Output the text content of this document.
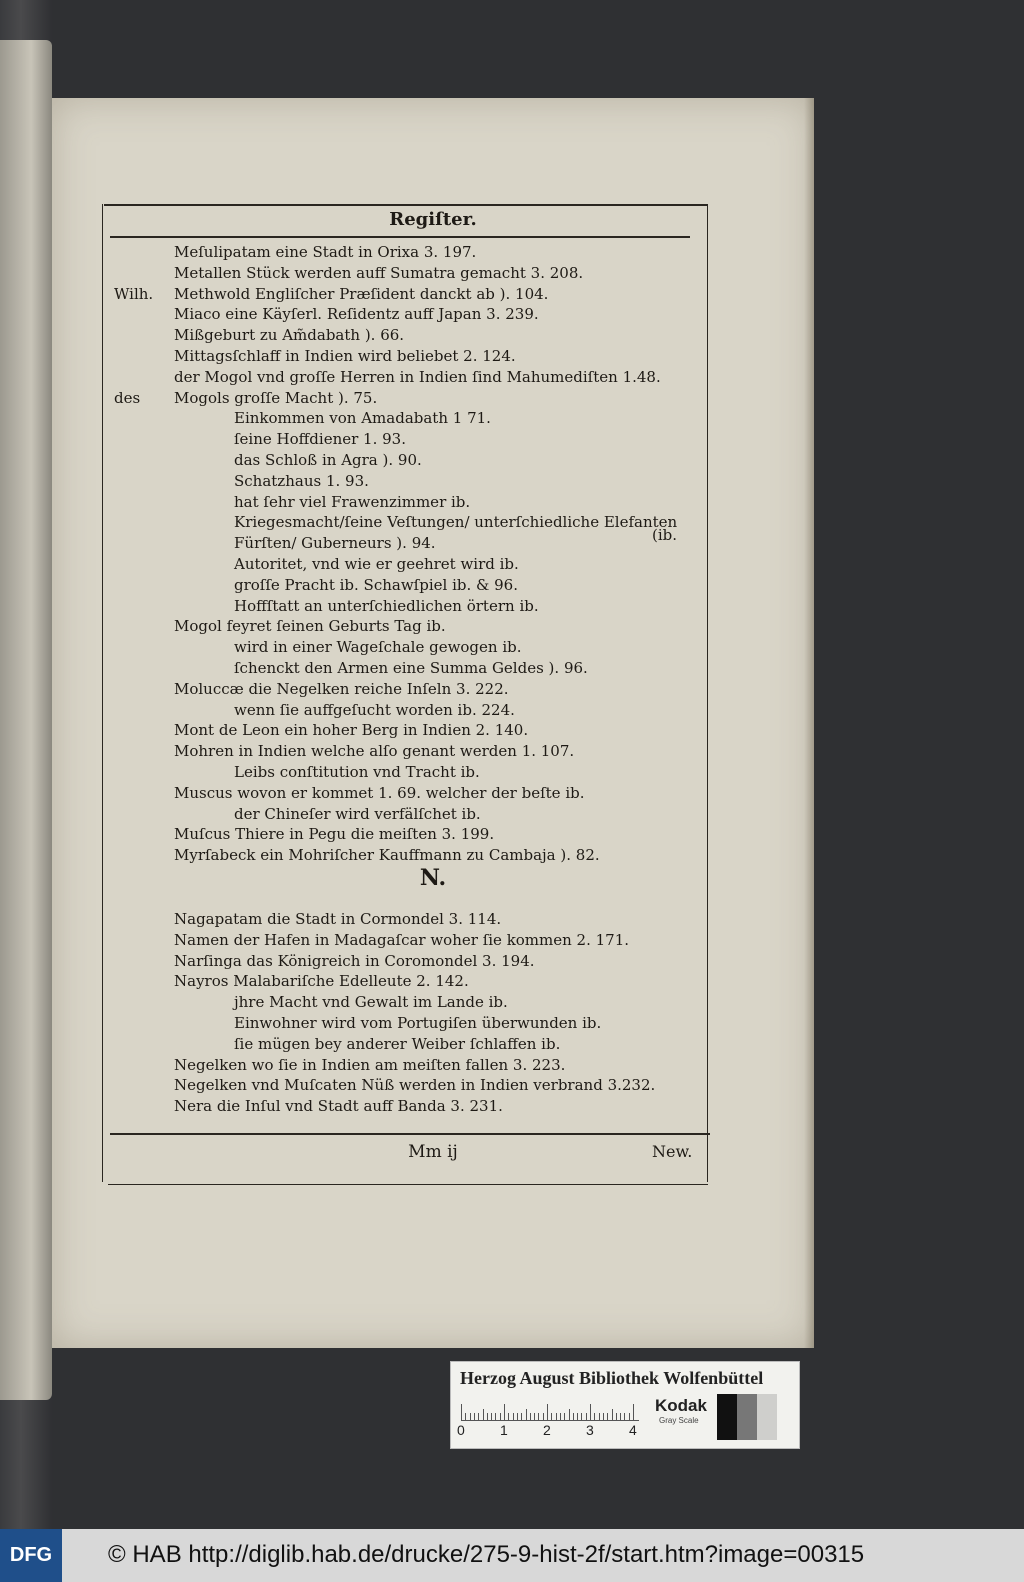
Regiſter.
Meſulipatam eine Stadt in Orixa 3. 197.
Metallen Stück werden auff Sumatra gemacht 3. 208.
Wilh.	Methwold Engliſcher Præſident danckt ab ). 104.
Miaco eine Käyſerl. Reſidentz auff Japan 3. 239.
Mißgeburt zu Am̃dabath ). 66.
Mittagsſchlaff in Indien wird beliebet 2. 124.
der Mogol vnd groſſe Herren in Indien ſind Mahumediſten 1.48.
des	Mogols groſſe Macht ). 75.
Einkommen von Amadabath 1 71.
ſeine Hoffdiener 1. 93.
das Schloß in Agra ). 90.
Schatzhaus 1. 93.
hat ſehr viel Frawenzimmer ib.
Kriegesmacht/ſeine Veſtungen/ unterſchiedliche Elefanten
Fürſten/ Guberneurs ). 94.	(ib.
Autoritet, vnd wie er geehret wird ib.
groſſe Pracht ib. Schawſpiel ib. & 96.
Hoffſtatt an unterſchiedlichen örtern ib.
Mogol feyret ſeinen Geburts Tag ib.
wird in einer Wageſchale gewogen ib.
ſchenckt den Armen eine Summa Geldes ). 96.
Moluccæ die Negelken reiche Inſeln 3. 222.
wenn ſie auffgeſucht worden ib. 224.
Mont de Leon ein hoher Berg in Indien 2. 140.
Mohren in Indien welche alſo genant werden 1. 107.
Leibs conſtitution vnd Tracht ib.
Muscus wovon er kommet 1. 69. welcher der beſte ib.
der Chineſer wird verfälſchet ib.
Muſcus Thiere in Pegu die meiſten 3. 199.
Myrſabeck ein Mohriſcher Kauffmann zu Cambaja ). 82.
N.
Nagapatam die Stadt in Cormondel 3. 114.
Namen der Hafen in Madagaſcar woher ſie kommen 2. 171.
Narſinga das Königreich in Coromondel 3. 194.
Nayros Malabariſche Edelleute 2. 142.
jhre Macht vnd Gewalt im Lande ib.
Einwohner wird vom Portugiſen überwunden ib.
ſie mügen bey anderer Weiber ſchlaffen ib.
Negelken wo ſie in Indien am meiſten fallen 3. 223.
Negelken vnd Muſcaten Nüß werden in Indien verbrand 3.232.
Nera die Inſul vnd Stadt auff Banda 3. 231.
Mm ij	New.
Herzog August Bibliothek Wolfenbüttel
0	1	2	3	4
Kodak
Gray Scale
DFG	© HAB http://diglib.hab.de/drucke/275-9-hist-2f/start.htm?image=00315
